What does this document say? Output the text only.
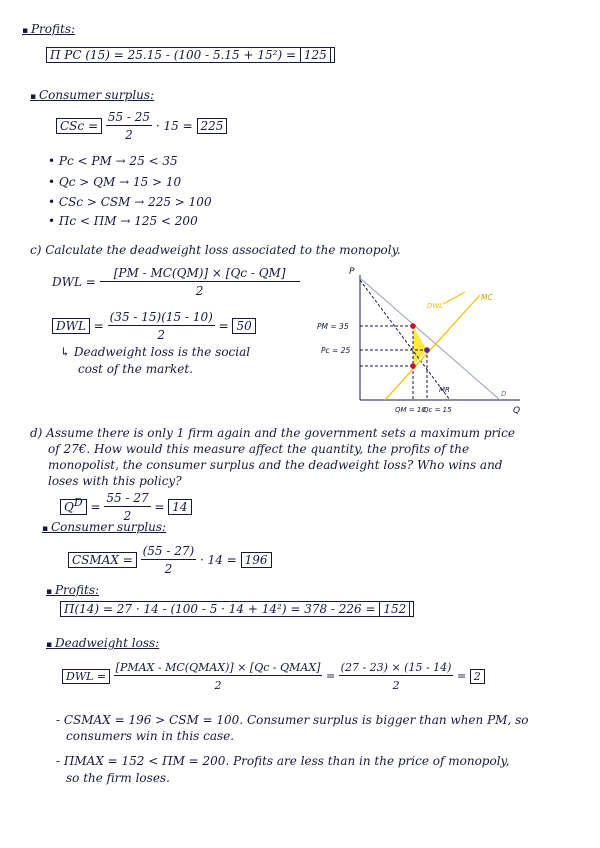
▪ Profits:
Π PC (15) = 25.15 - (100 - 5.15 + 15²) = 125
▪ Consumer surplus:
CSc = $\frac{55 - 25}{2} \cdot 15 = 225$
• Pc < PM → 25 < 35
• Qc > QM → 15 > 10
• CSc > CSM → 225 > 100
• Πc < ΠM → 125 < 200
c) Calculate the deadweight loss associated to the monopoly.
DWL = $\frac{[PM - MC(QM)] \times [Qc - QM]}{2}$
DWL = $\frac{(35 - 15)(15 - 10)}{2} = 50$
↳ Deadweight loss is the social
cost of the market.
P
Q
PM = 35
Pc = 25
QM = 10
Qc = 15
DWL
MC
MR	D
d) Assume there is only 1 firm again and the government sets a maximum price
of 27€. How would this measure affect the quantity, the profits of the
monopolist, the consumer surplus and the deadweight loss? Who wins and
loses with this policy?
$Q^D = \frac{55 - 27}{2} = 14$
▪ Consumer surplus:
CSMAX = $\frac{(55 - 27)}{2} \cdot 14 = 196$
▪ Profits:
Π(14) = 27 · 14 - (100 - 5 · 14 + 14²) = 378 - 226 = 152
▪ Deadweight loss:
DWL = $\frac{\text{[PMAX - MC(QMAX)] × [Qc - QMAX]}}{2} = \frac{(27 - 23) \times (15 - 14)}{2} = 2$
- CSMAX = 196 > CSM = 100. Consumer surplus is bigger than when PM, so
consumers win in this case.
- ΠMAX = 152 < ΠM = 200. Profits are less than in the price of monopoly,
so the firm loses.
